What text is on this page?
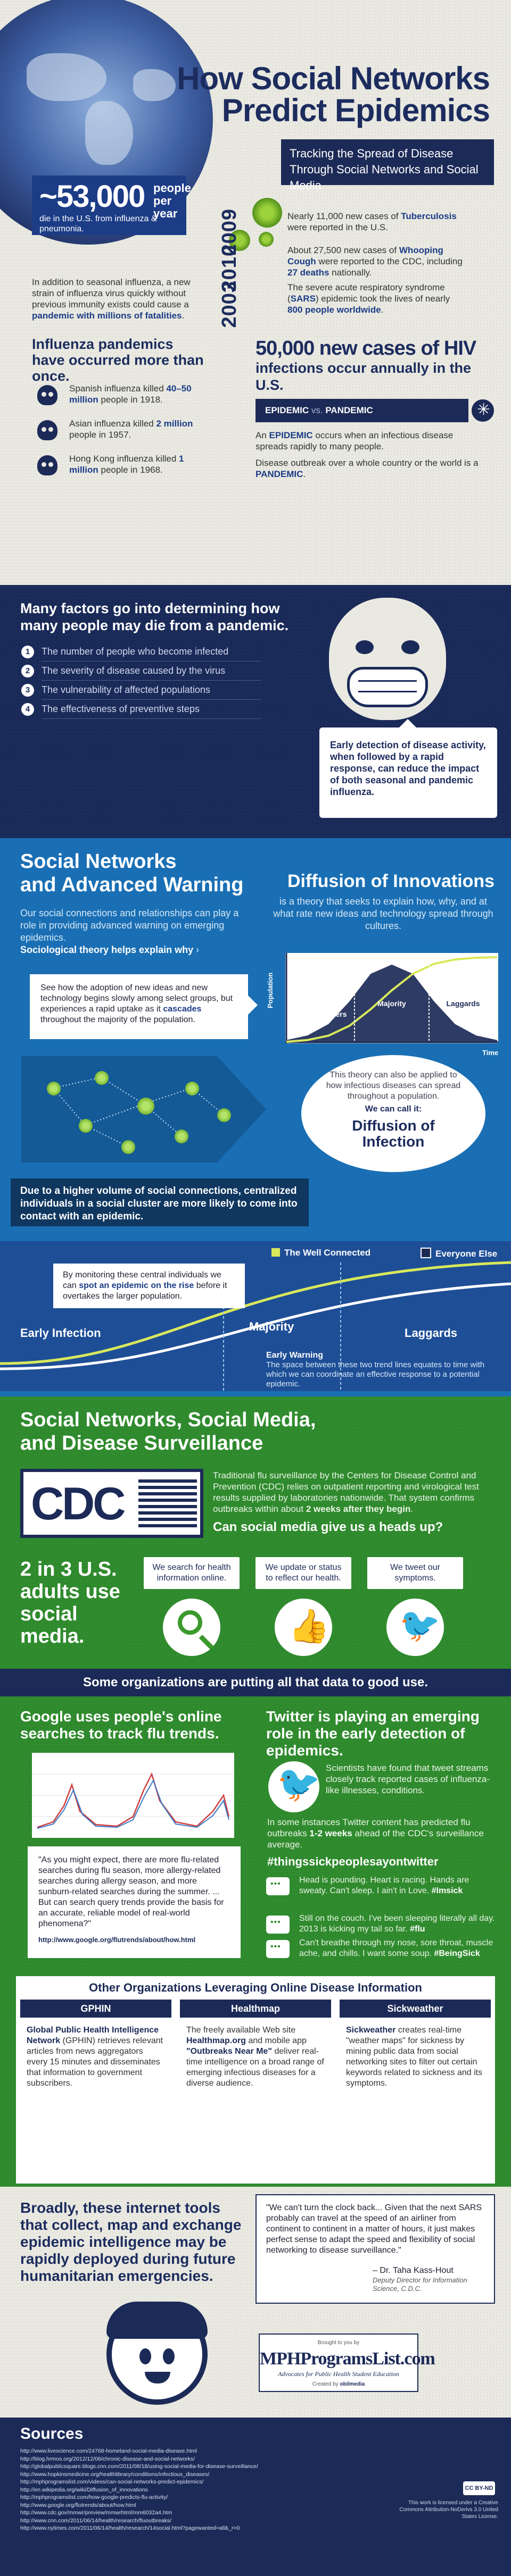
How Social Networks
Predict Epidemics
Tracking the Spread of Disease Through Social Networks and Social Media
~53,000 people per year
die in the U.S. from influenza & pneumonia.	2009	Nearly 11,000 new cases of Tuberculosis were reported in the U.S.
2010	About 27,500 new cases of Whooping Cough were reported to the CDC, including 27 deaths nationally.
2003	The severe acute respiratory syndrome (SARS) epidemic took the lives of nearly 800 people worldwide.
In addition to seasonal influenza, a new strain of influenza virus quickly without previous immunity exists could cause a pandemic with millions of fatalities.
Influenza pandemics have occurred more than once.
Spanish influenza killed 40–50 million people in 1918.
Asian influenza killed 2 million people in 1957.
Hong Kong influenza killed 1 million people in 1968.
50,000 new cases of HIV
infections occur annually in the U.S.
EPIDEMIC vs. PANDEMIC
✳
An EPIDEMIC occurs when an infectious disease spreads rapidly to many people.
Disease outbreak over a whole country or the world is a PANDEMIC.
Many factors go into determining how many people may die from a pandemic.
1	The number of people who become infected
2	The severity of disease caused by the virus
3	The vulnerability of affected populations
4	The effectiveness of preventive steps
Early detection of disease activity, when followed by a rapid response, can reduce the impact of both seasonal and pandemic influenza.
Social Networks
and Advanced Warning
Our social connections and relationships can play a role in providing advanced warning on emerging epidemics.
Sociological theory helps explain why ›
Diffusion of Innovations
is a theory that seeks to explain how, why, and at what rate new ideas and technology spread through cultures.
See how the adoption of new ideas and new technology begins slowly among select groups, but experiences a rapid uptake as it cascades throughout the majority of the population.
Population
Early Adopters
Majority	Laggards
Time
This theory can also be applied to how infectious diseases can spread throughout a population.
We can call it:
Diffusion of Infection
Due to a higher volume of social connections, centralized individuals in a social cluster are more likely to come into contact with an epidemic.
The Well Connected	Everyone Else
By monitoring these central individuals we can spot an epidemic on the rise before it overtakes the larger population.
Early Infection	Majority	Laggards
Early Warning
The space between these two trend lines equates to time with which we can coordinate an effective response to a potential epidemic.
Social Networks, Social Media,
and Disease Surveillance
CDC
Traditional flu surveillance by the Centers for Disease Control and Prevention (CDC) relies on outpatient reporting and virological test results supplied by laboratories nationwide. That system confirms outbreaks within about 2 weeks after they begin.
Can social media give us a heads up?
2 in 3 U.S. adults use social media.
We search for health information online.
We update or status to reflect our health.
We tweet our symptoms.
👍 🐦
Some organizations are putting all that data to good use.
Google uses people's online searches to track flu trends.
"As you might expect, there are more flu-related searches during flu season, more allergy-related searches during allergy season, and more sunburn-related searches during the summer. ... But can search query trends provide the basis for an accurate, reliable model of real-world phenomena?"
http://www.google.org/flutrends/about/how.html
Twitter is playing an emerging role in the early detection of epidemics.
🐦 Scientists have found that tweet streams closely track reported cases of influenza-like illnesses, conditions.
In some instances Twitter content has predicted flu outbreaks 1-2 weeks ahead of the CDC's surveillance average.
#thingssickpeoplesayontwitter
•••
Head is pounding. Heart is racing. Hands are sweaty. Can't sleep. I ain't in Love. #Imsick
•••
Still on the couch. I've been sleeping literally all day. 2013 is kicking my tail so far. #flu
•••
Can't breathe through my nose, sore throat, muscle ache, and chills. I want some soup. #BeingSick
Other Organizations Leveraging Online Disease Information
GPHIN
Global Public Health Intelligence Network (GPHIN) retrieves relevant articles from news aggregators every 15 minutes and disseminates that information to government subscribers.
Healthmap
The freely available Web site Healthmap.org and mobile app "Outbreaks Near Me" deliver real-time intelligence on a broad range of emerging infectious diseases for a diverse audience.
Sickweather
Sickweather creates real-time "weather maps" for sickness by mining public data from social networking sites to filter out certain keywords related to sickness and its symptoms.
Broadly, these internet tools that collect, map and exchange epidemic intelligence may be rapidly deployed during future humanitarian emergencies.
"We can't turn the clock back... Given that the next SARS probably can travel at the speed of an airliner from continent to continent in a matter of hours, it just makes perfect sense to adapt the speed and flexibility of social networking to disease surveillance."
– Dr. Taha Kass-Hout
Deputy Director for Information Science, C.D.C.
Brought to you by
MPHProgramsList.com
Advocates for Public Health Student Education
Created by obilmedia
Sources
http://www.livescience.com/24768-homeland-social-media-disease.html
http://blog.hrmos.org/2012/12/06/chronic-disease-and-social-networks/
http://globalpublicsquare.blogs.cnn.com/2011/08/18/using-social-media-for-disease-surveillance/
http://www.hopkinsmedicine.org/healthlibrary/conditions/infectious_diseases/
http://mphprogramslist.com/videos/can-social-networks-predict-epidemics/
http://en.wikipedia.org/wiki/Diffusion_of_innovations
http://mphprogramslist.com/how-google-predicts-flu-activity/
http://www.google.org/flutrends/about/how.html
http://www.cdc.gov/mmwr/preview/mmwrhtml/mm6032a4.htm
http://www.cnn.com/2011/06/14/health/research/fluoutbreaks/
http://www.nytimes.com/2011/06/14/health/research/14social.html?pagewanted=all&_r=0
CC BY-ND
This work is licensed under a Creative Commons Attribution-NoDerivs 3.0 United States License.
